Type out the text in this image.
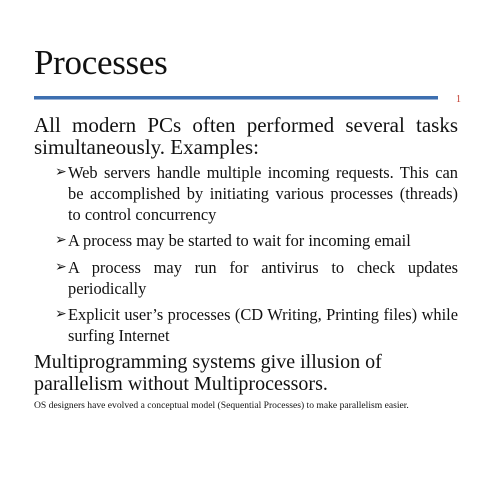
Processes
1

All modern PCs often performed several tasks simultaneously. Examples:

➢ Web servers handle multiple incoming requests. This can be accomplished by initiating various processes (threads) to control concurrency
➢ A process may be started to wait for incoming email
➢ A process may run for antivirus to check updates periodically
➢ Explicit user’s processes (CD Writing, Printing files) while surfing Internet

Multiprogramming systems give illusion of parallelism without Multiprocessors.

OS designers have evolved a conceptual model (Sequential Processes) to make parallelism easier.
